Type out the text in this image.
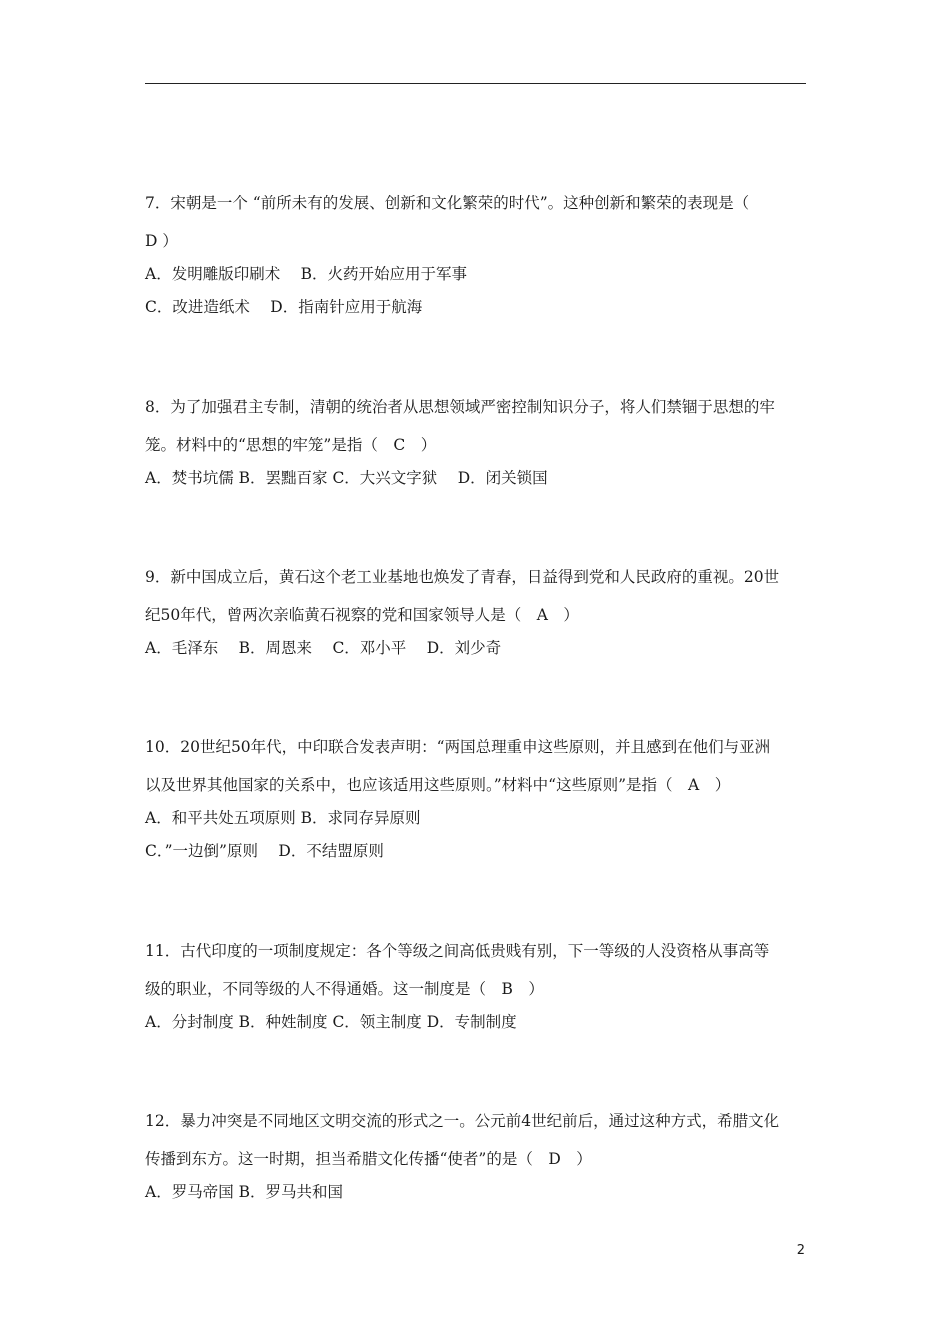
7．宋朝是一个 “前所未有的发展、创新和文化繁荣的时代”。这种创新和繁荣的表现是（
D ）
A．发明雕版印刷术　 B．火药开始应用于军事
C．改进造纸术　 D．指南针应用于航海
8．为了加强君主专制，清朝的统治者从思想领域严密控制知识分子，将人们禁锢于思想的牢
笼。材料中的“思想的牢笼”是指（　C　）
A．焚书坑儒 B．罢黜百家 C．大兴文字狱　 D．闭关锁国
9．新中国成立后，黄石这个老工业基地也焕发了青春，日益得到党和人民政府的重视。20世
纪50年代，曾两次亲临黄石视察的党和国家领导人是（　A　）
A．毛泽东　 B．周恩来　 C．邓小平　 D．刘少奇
10．20世纪50年代，中印联合发表声明：“两国总理重申这些原则，并且感到在他们与亚洲
以及世界其他国家的关系中，也应该适用这些原则。”材料中“这些原则”是指（　A　）
A．和平共处五项原则 B．求同存异原则
C．”一边倒”原则　 D．不结盟原则
11．古代印度的一项制度规定：各个等级之间高低贵贱有别，下一等级的人没资格从事高等
级的职业，不同等级的人不得通婚。这一制度是（　B　）
A．分封制度 B．种姓制度 C．领主制度 D．专制制度
12．暴力冲突是不同地区文明交流的形式之一。公元前4世纪前后，通过这种方式，希腊文化
传播到东方。这一时期，担当希腊文化传播“使者”的是（　D　）
A．罗马帝国 B．罗马共和国
2
